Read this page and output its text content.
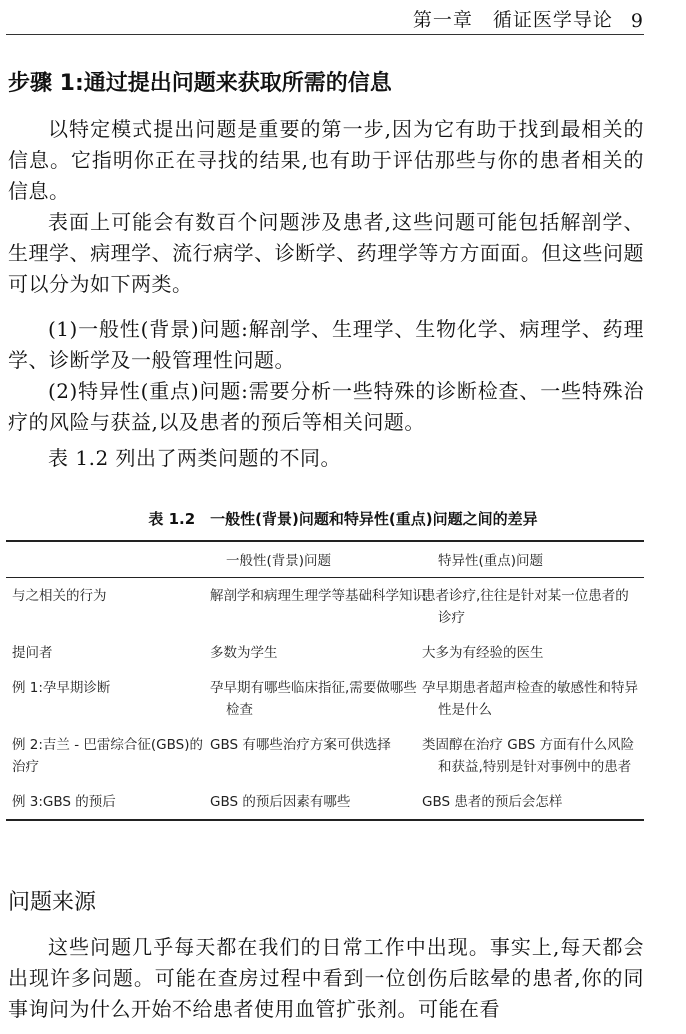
第一章　循证医学导论 9
步骤 1:通过提出问题来获取所需的信息

以特定模式提出问题是重要的第一步,因为它有助于找到最相关的信息。它指明你正在寻找的结果,也有助于评估那些与你的患者相关的信息。

表面上可能会有数百个问题涉及患者,这些问题可能包括解剖学、生理学、病理学、流行病学、诊断学、药理学等方方面面。但这些问题可以分为如下两类。

(1)一般性(背景)问题:解剖学、生理学、生物化学、病理学、药理学、诊断学及一般管理性问题。

(2)特异性(重点)问题:需要分析一些特殊的诊断检查、一些特殊治疗的风险与获益,以及患者的预后等相关问题。

表 1.2 列出了两类问题的不同。

表 1.2　一般性(背景)问题和特异性(重点)问题之间的差异
	一般性(背景)问题	特异性(重点)问题
与之相关的行为	解剖学和病理生理学等基础科学知识	患者诊疗,往往是针对某一位患者的诊疗
提问者	多数为学生	大多为有经验的医生
例 1:孕早期诊断	孕早期有哪些临床指征,需要做哪些检查	孕早期患者超声检查的敏感性和特异性是什么
例 2:吉兰 - 巴雷综合征(GBS)的治疗	GBS 有哪些治疗方案可供选择	类固醇在治疗 GBS 方面有什么风险和获益,特别是针对事例中的患者
例 3:GBS 的预后	GBS 的预后因素有哪些	GBS 患者的预后会怎样
问题来源

这些问题几乎每天都在我们的日常工作中出现。事实上,每天都会出现许多问题。可能在查房过程中看到一位创伤后眩晕的患者,你的同事询问为什么开始不给患者使用血管扩张剂。可能在看
